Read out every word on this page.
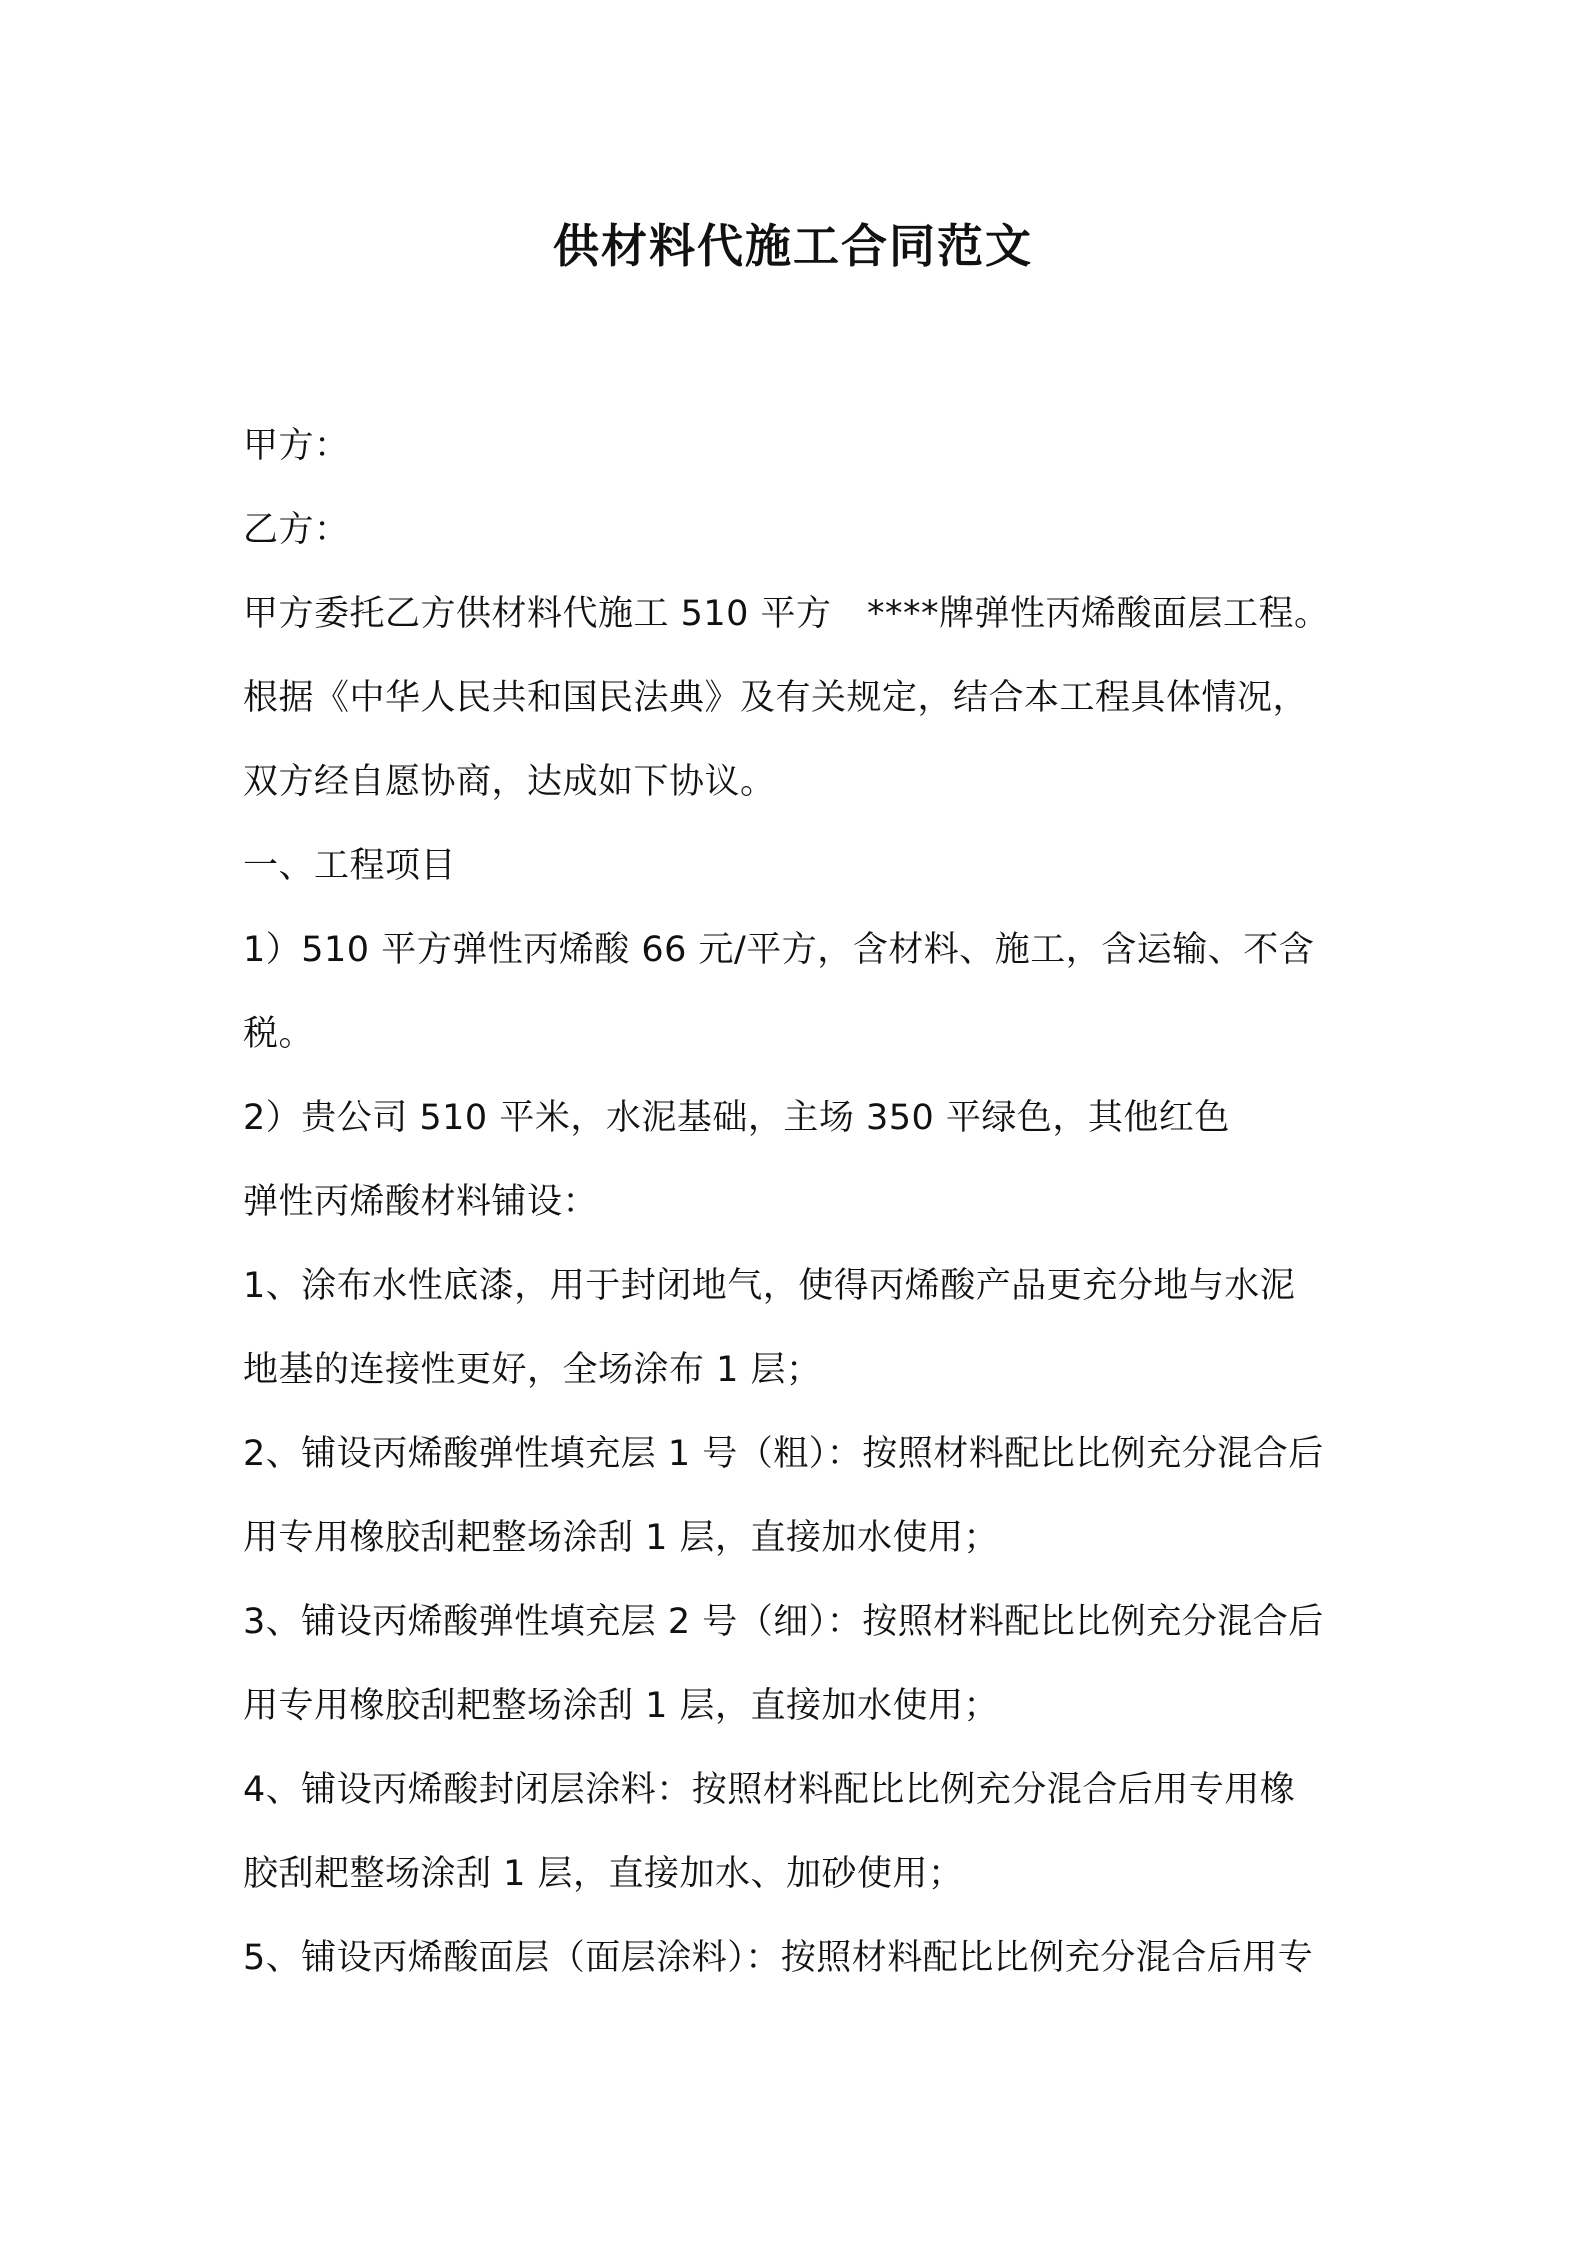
供材料代施工合同范文
甲方：
乙方：
甲方委托乙方供材料代施工 510 平方　****牌弹性丙烯酸面层工程。
根据《中华人民共和国民法典》及有关规定，结合本工程具体情况，
双方经自愿协商，达成如下协议。
一、工程项目
1）510 平方弹性丙烯酸 66 元/平方，含材料、施工，含运输、不含
税。
2）贵公司 510 平米，水泥基础，主场 350 平绿色，其他红色
弹性丙烯酸材料铺设：
1、涂布水性底漆，用于封闭地气，使得丙烯酸产品更充分地与水泥
地基的连接性更好，全场涂布 1 层；
2、铺设丙烯酸弹性填充层 1 号（粗）：按照材料配比比例充分混合后
用专用橡胶刮耙整场涂刮 1 层，直接加水使用；
3、铺设丙烯酸弹性填充层 2 号（细）：按照材料配比比例充分混合后
用专用橡胶刮耙整场涂刮 1 层，直接加水使用；
4、铺设丙烯酸封闭层涂料：按照材料配比比例充分混合后用专用橡
胶刮耙整场涂刮 1 层，直接加水、加砂使用；
5、铺设丙烯酸面层（面层涂料）：按照材料配比比例充分混合后用专
